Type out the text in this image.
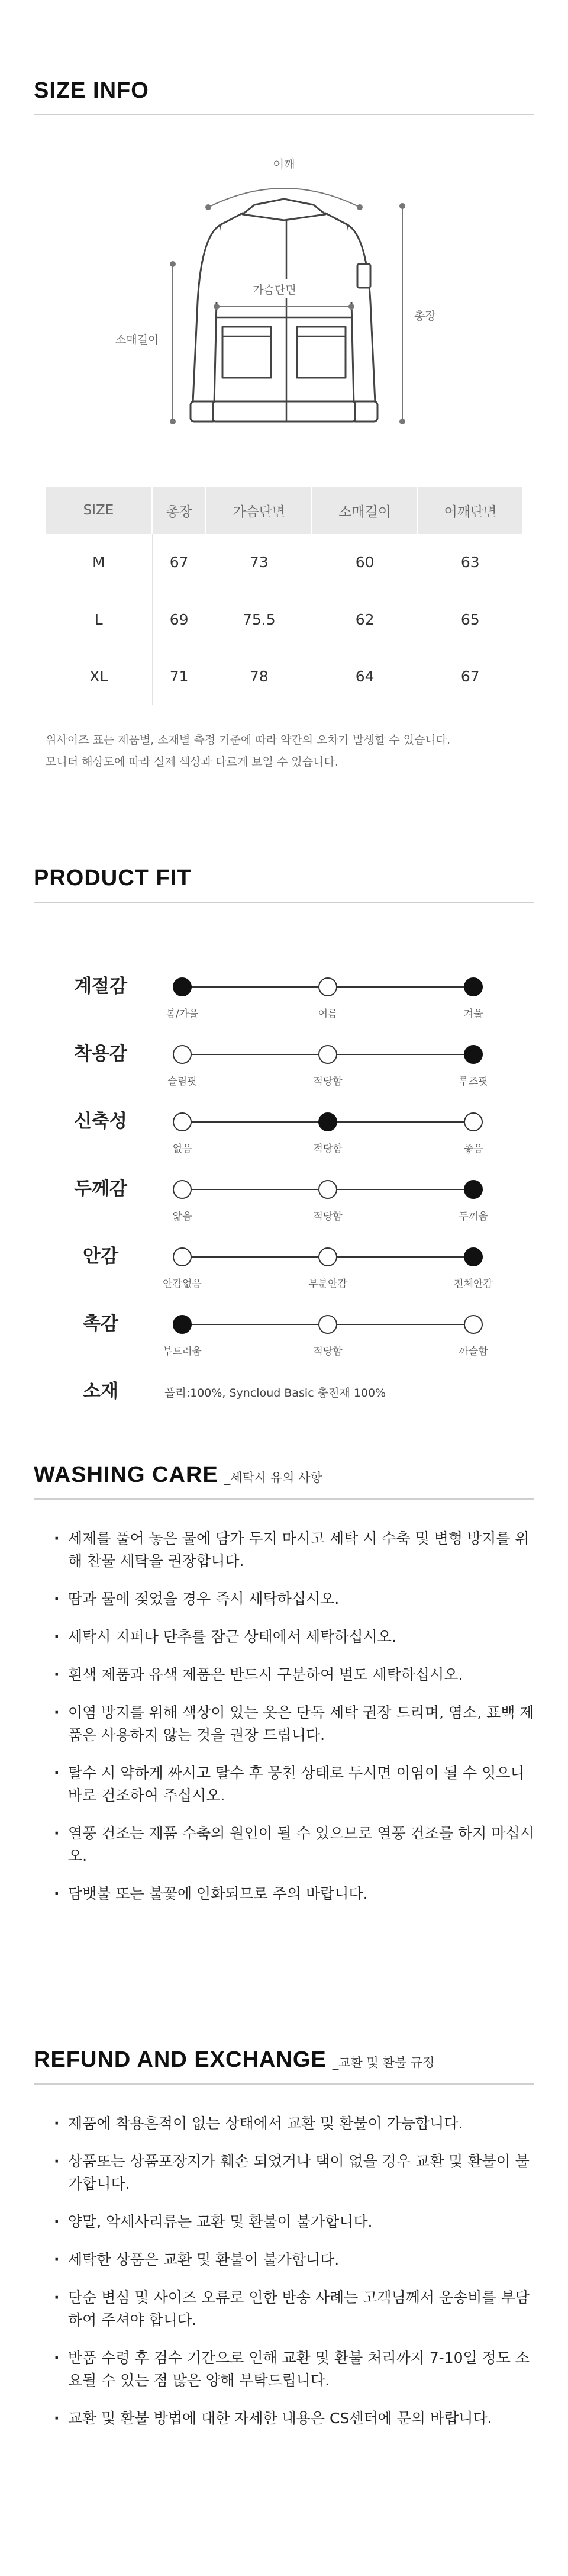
SIZE INFO
어깨
총장
소매길이
가슴단면
SIZE	총장	가슴단면	소매길이	어깨단면
M	67	73	60	63
L	69	75.5	62	65
XL	71	78	64	67
위사이즈 표는 제품별, 소재별 측정 기준에 따라 약간의 오차가 발생할 수 있습니다.
모니터 해상도에 따라 실제 색상과 다르게 보일 수 있습니다.
PRODUCT FIT
계절감
봄/가을	여름	겨울
착용감
슬림핏	적당함	루즈핏
신축성
없음	적당함	좋음
두께감
얇음	적당함	두꺼움
안감
안감없음	부분안감	전체안감
촉감
부드러움	적당함	까슬함
소재	폴리:100%, Syncloud Basic 충전재 100%
WASHING CARE _세탁시 유의 사항
· 세제를 풀어 놓은 물에 담가 두지 마시고 세탁 시 수축 및 변형 방지를 위해 찬물 세탁을 권장합니다.
· 땀과 물에 젖었을 경우 즉시 세탁하십시오.
· 세탁시 지퍼나 단추를 잠근 상태에서 세탁하십시오.
· 흰색 제품과 유색 제품은 반드시 구분하여 별도 세탁하십시오.
· 이염 방지를 위해 색상이 있는 옷은 단독 세탁 권장 드리며, 염소, 표백 제품은 사용하지 않는 것을 권장 드립니다.
· 탈수 시 약하게 짜시고 탈수 후 뭉친 상태로 두시면 이염이 될 수 잇으니 바로 건조하여 주십시오.
· 열풍 건조는 제품 수축의 원인이 될 수 있으므로 열풍 건조를 하지 마십시오.
· 담뱃불 또는 불꽃에 인화되므로 주의 바랍니다.
REFUND AND EXCHANGE _교환 및 환불 규정
· 제품에 착용흔적이 없는 상태에서 교환 및 환불이 가능합니다.
· 상품또는 상품포장지가 훼손 되었거나 택이 없을 경우 교환 및 환불이 불가합니다.
· 양말, 악세사리류는 교환 및 환불이 불가합니다.
· 세탁한 상품은 교환 및 환불이 불가합니다.
· 단순 변심 및 사이즈 오류로 인한 반송 사례는 고객님께서 운송비를 부담하여 주셔야 합니다.
· 반품 수령 후 검수 기간으로 인해 교환 및 환불 처리까지 7-10일 정도 소요될 수 있는 점 많은 양해 부탁드립니다.
· 교환 및 환불 방법에 대한 자세한 내용은 CS센터에 문의 바랍니다.
